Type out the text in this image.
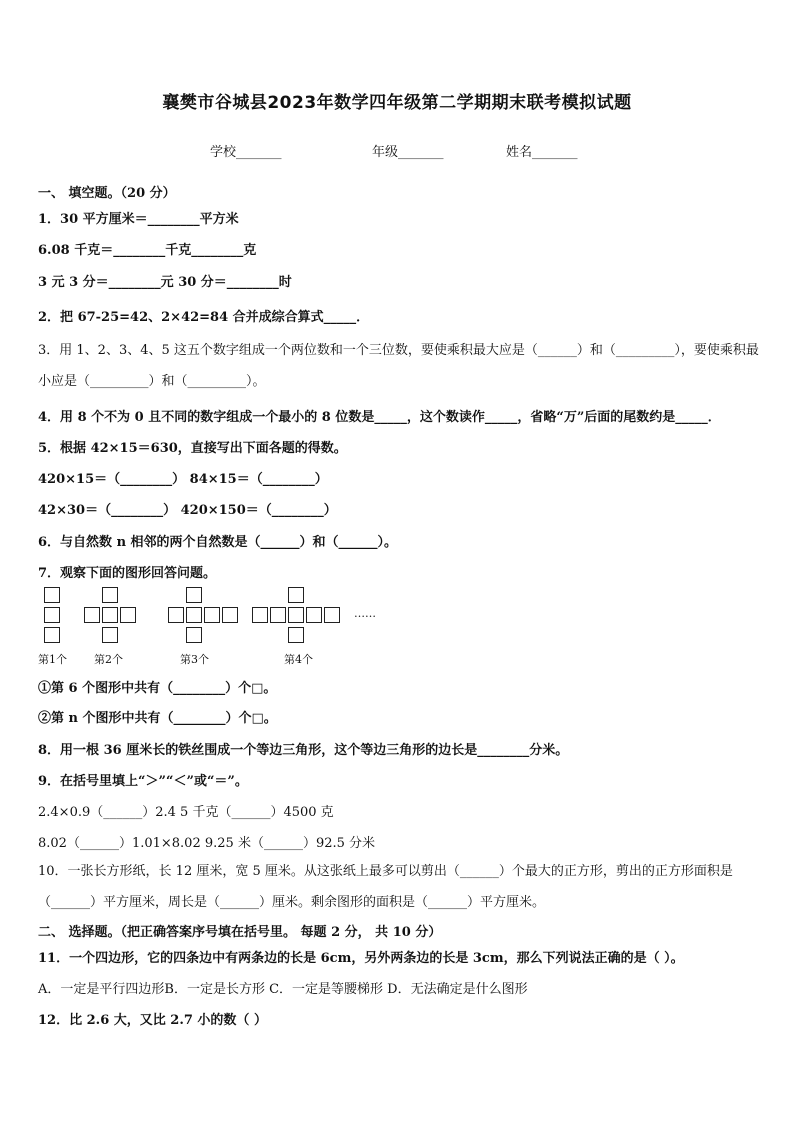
襄樊市谷城县2023年数学四年级第二学期期末联考模拟试题
学校_______	年级_______	姓名_______
一、 填空题。（20 分）
1．30 平方厘米＝________平方米
6.08 千克＝________千克________克
3 元 3 分＝________元 30 分＝________时
2．把 67-25=42、2×42=84 合并成综合算式_____．
3．用 1、2、3、4、5 这五个数字组成一个两位数和一个三位数，要使乘积最大应是（______）和（_________），要使乘积最小应是（_________）和（_________）。
4．用 8 个不为 0 且不同的数字组成一个最小的 8 位数是_____，这个数读作_____，省略“万”后面的尾数约是_____．
5．根据 42×15＝630，直接写出下面各题的得数。
420×15＝（________） 84×15＝（________）
42×30＝（________） 420×150＝（________）
6．与自然数 n 相邻的两个自然数是（______）和（______）。
7．观察下面的图形回答问题。
……
第1个 第2个	第3个	第4个
①第 6 个图形中共有（________）个□。
②第 n 个图形中共有（________）个□。
8．用一根 36 厘米长的铁丝围成一个等边三角形，这个等边三角形的边长是________分米。
9．在括号里填上“＞”“＜”或“＝”。
2.4×0.9（______）2.4 5 千克（______）4500 克
8.02（______）1.01×8.02 9.25 米（______）92.5 分米
10．一张长方形纸，长 12 厘米，宽 5 厘米。从这张纸上最多可以剪出（______）个最大的正方形，剪出的正方形面积是（______）平方厘米，周长是（______）厘米。剩余图形的面积是（______）平方厘米。
二、 选择题。（把正确答案序号填在括号里。 每题 2 分， 共 10 分）
11．一个四边形，它的四条边中有两条边的长是 6cm，另外两条边的长是 3cm，那么下列说法正确的是（ ）。
A．一定是平行四边形B．一定是长方形 C．一定是等腰梯形 D．无法确定是什么图形
12．比 2.6 大，又比 2.7 小的数（ ）
